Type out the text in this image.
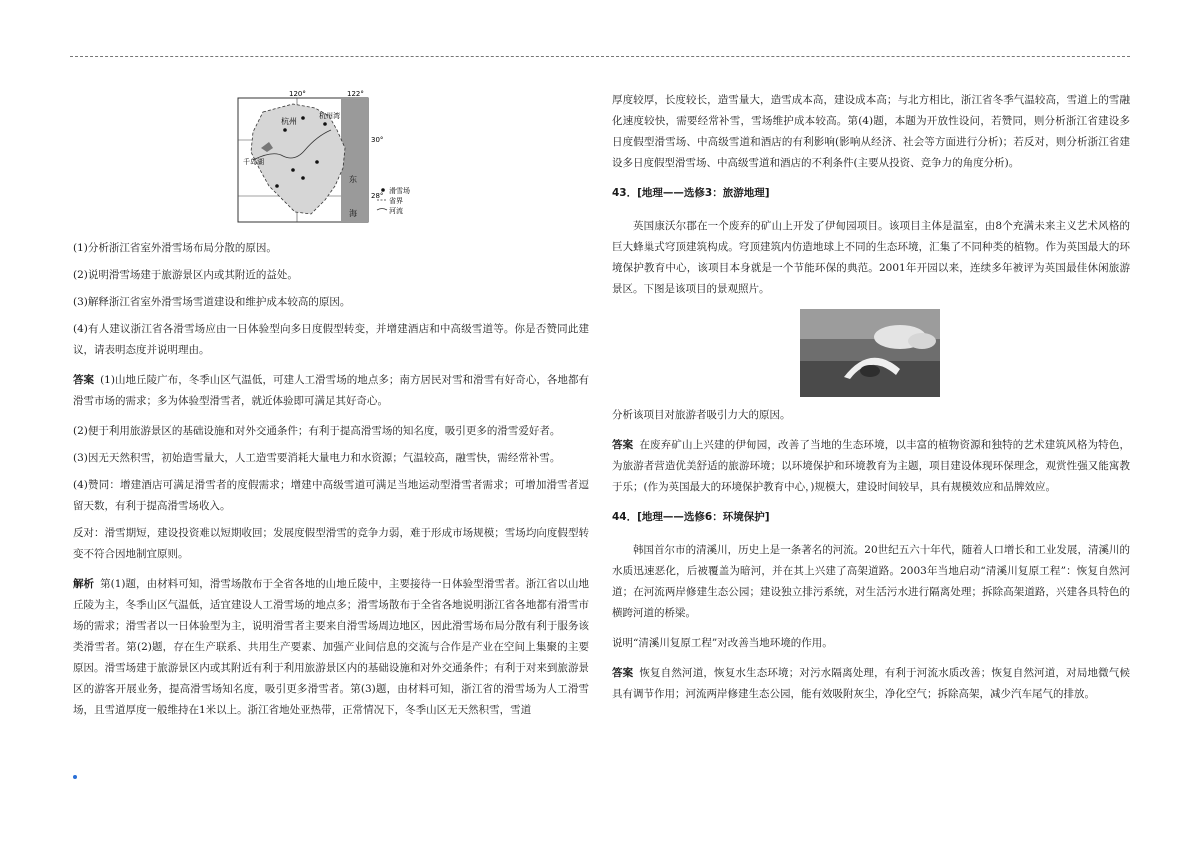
120°	122°
30°
28°
杭州
杭州湾
千岛湖
东
海
滑雪场
省界
河流

(1)分析浙江省室外滑雪场布局分散的原因。

(2)说明滑雪场建于旅游景区内或其附近的益处。

(3)解释浙江省室外滑雪场雪道建设和维护成本较高的原因。

(4)有人建议浙江省各滑雪场应由一日体验型向多日度假型转变，并增建酒店和中高级雪道等。你是否赞同此建议，请表明态度并说明理由。

答案 (1)山地丘陵广布，冬季山区气温低，可建人工滑雪场的地点多；南方居民对雪和滑雪有好奇心，各地都有滑雪市场的需求；多为体验型滑雪者，就近体验即可满足其好奇心。

(2)便于利用旅游景区的基础设施和对外交通条件；有利于提高滑雪场的知名度，吸引更多的滑雪爱好者。

(3)因无天然积雪，初始造雪量大，人工造雪要消耗大量电力和水资源；气温较高，融雪快，需经常补雪。

(4)赞同：增建酒店可满足滑雪者的度假需求；增建中高级雪道可满足当地运动型滑雪者需求；可增加滑雪者逗留天数，有利于提高滑雪场收入。

反对：滑雪期短，建设投资难以短期收回；发展度假型滑雪的竞争力弱，难于形成市场规模；雪场均向度假型转变不符合因地制宜原则。

解析 第(1)题，由材料可知，滑雪场散布于全省各地的山地丘陵中，主要接待一日体验型滑雪者。浙江省以山地丘陵为主，冬季山区气温低，适宜建设人工滑雪场的地点多；滑雪场散布于全省各地说明浙江省各地都有滑雪市场的需求；滑雪者以一日体验型为主，说明滑雪者主要来自滑雪场周边地区，因此滑雪场布局分散有利于服务该类滑雪者。第(2)题，存在生产联系、共用生产要素、加强产业间信息的交流与合作是产业在空间上集聚的主要原因。滑雪场建于旅游景区内或其附近有利于利用旅游景区内的基础设施和对外交通条件；有利于对来到旅游景区的游客开展业务，提高滑雪场知名度，吸引更多滑雪者。第(3)题，由材料可知，浙江省的滑雪场为人工滑雪场，且雪道厚度一般维持在1米以上。浙江省地处亚热带，正常情况下，冬季山区无天然积雪，雪道

厚度较厚，长度较长，造雪量大，造雪成本高，建设成本高；与北方相比，浙江省冬季气温较高，雪道上的雪融化速度较快，需要经常补雪，雪场维护成本较高。第(4)题，本题为开放性设问，若赞同，则分析浙江省建设多日度假型滑雪场、中高级雪道和酒店的有利影响(影响从经济、社会等方面进行分析)；若反对，则分析浙江省建设多日度假型滑雪场、中高级雪道和酒店的不利条件(主要从投资、竞争力的角度分析)。

43．[地理——选修3：旅游地理]

英国康沃尔郡在一个废弃的矿山上开发了伊甸园项目。该项目主体是温室，由8个充满未来主义艺术风格的巨大蜂巢式穹顶建筑构成。穹顶建筑内仿造地球上不同的生态环境，汇集了不同种类的植物。作为英国最大的环境保护教育中心，该项目本身就是一个节能环保的典范。2001年开园以来，连续多年被评为英国最佳休闲旅游景区。下图是该项目的景观照片。

分析该项目对旅游者吸引力大的原因。

答案 在废弃矿山上兴建的伊甸园，改善了当地的生态环境，以丰富的植物资源和独特的艺术建筑风格为特色，为旅游者营造优美舒适的旅游环境；以环境保护和环境教育为主题，项目建设体现环保理念，观赏性强又能寓教于乐；(作为英国最大的环境保护教育中心，)规模大，建设时间较早，具有规模效应和品牌效应。

44．[地理——选修6：环境保护]

韩国首尔市的清溪川，历史上是一条著名的河流。20世纪五六十年代，随着人口增长和工业发展，清溪川的水质迅速恶化，后被覆盖为暗河，并在其上兴建了高架道路。2003年当地启动“清溪川复原工程”：恢复自然河道；在河流两岸修建生态公园；建设独立排污系统，对生活污水进行隔离处理；拆除高架道路，兴建各具特色的横跨河道的桥梁。

说明“清溪川复原工程”对改善当地环境的作用。

答案 恢复自然河道，恢复水生态环境；对污水隔离处理，有利于河流水质改善；恢复自然河道，对局地微气候具有调节作用；河流两岸修建生态公园，能有效吸附灰尘，净化空气；拆除高架，减少汽车尾气的排放。
